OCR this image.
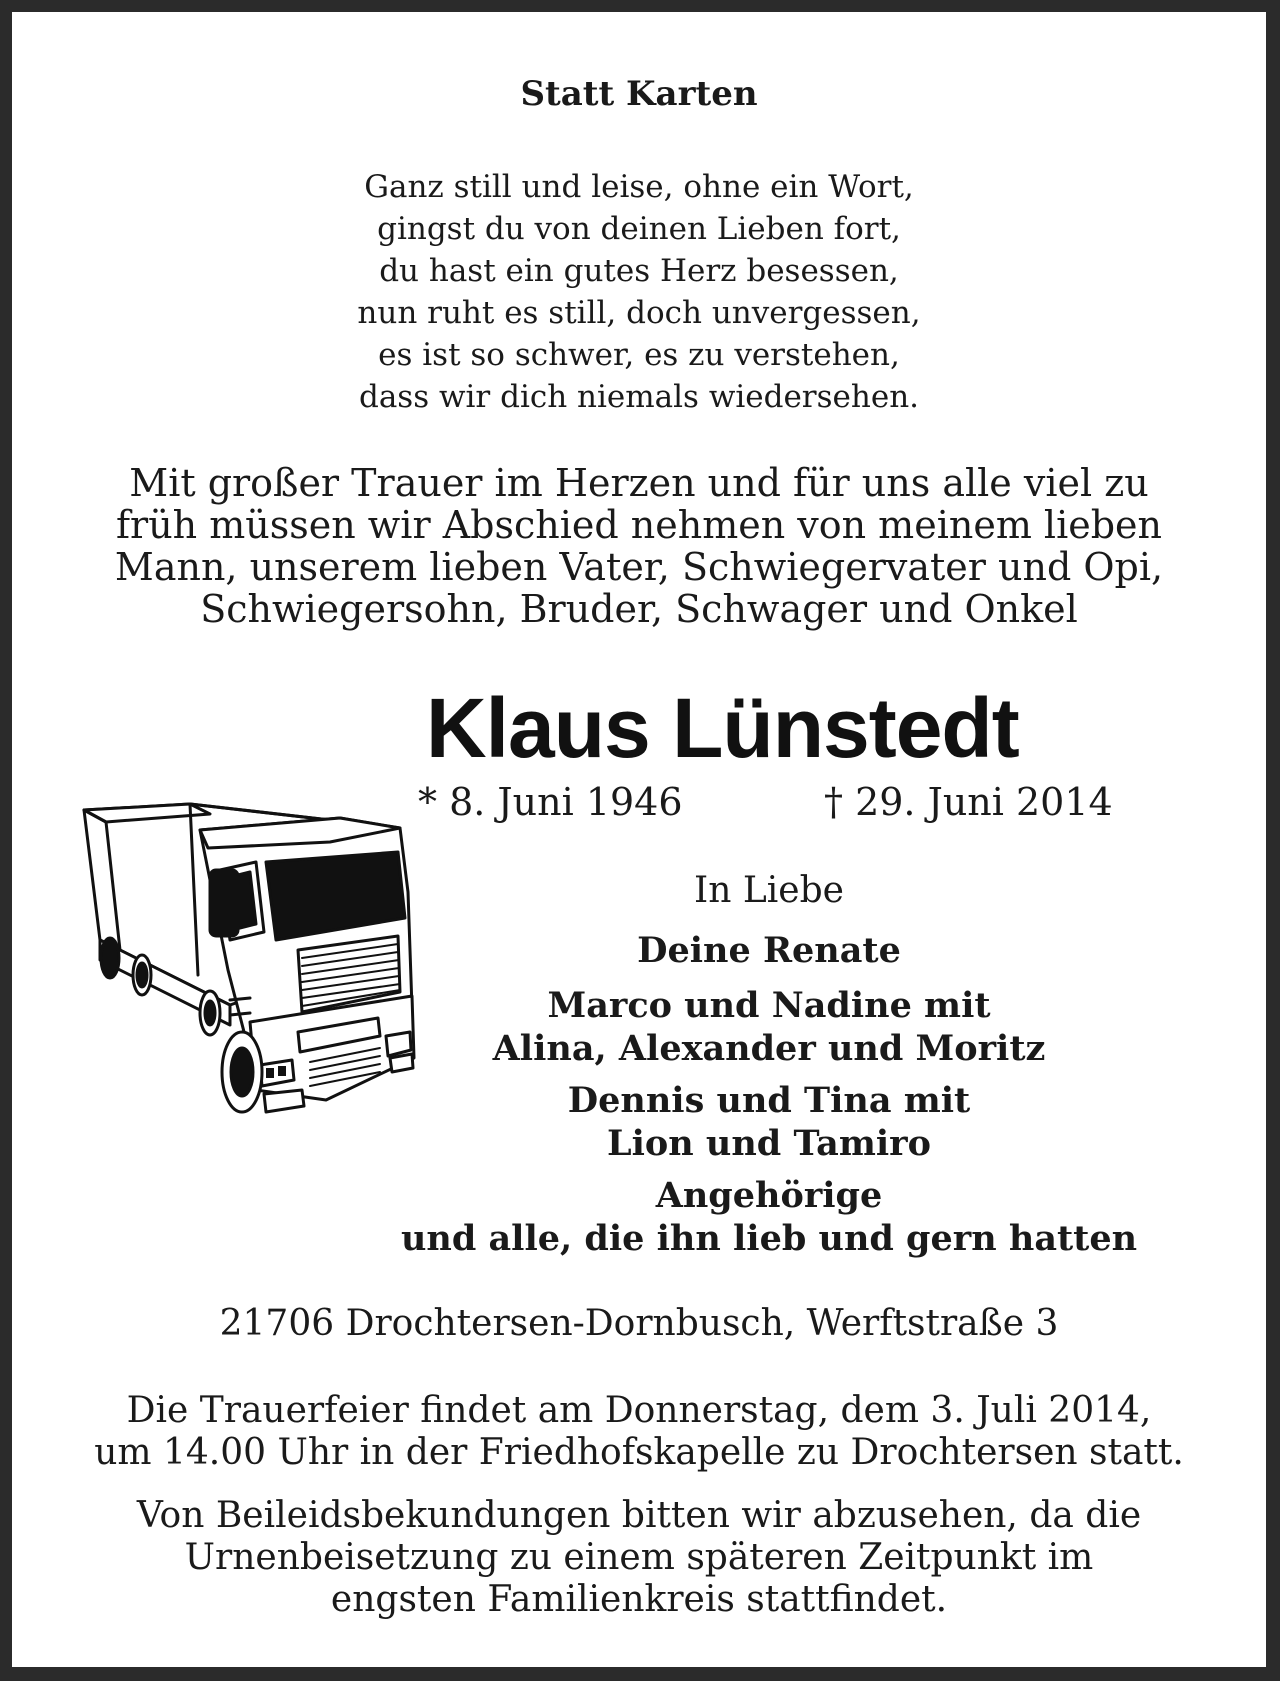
Statt Karten

Ganz still und leise, ohne ein Wort,
gingst du von deinen Lieben fort,
du hast ein gutes Herz besessen,
nun ruht es still, doch unvergessen,
es ist so schwer, es zu verstehen,
dass wir dich niemals wiedersehen.
Mit großer Trauer im Herzen und für uns alle viel zu
früh müssen wir Abschied nehmen von meinem lieben
Mann, unserem lieben Vater, Schwiegervater und Opi,
Schwiegersohn, Bruder, Schwager und Onkel

Klaus Lünstedt

* 8. Juni 1946	† 29. Juni 2014

In Liebe

Deine Renate

Marco und Nadine mit
Alina, Alexander und Moritz
Dennis und Tina mit
Lion und Tamiro
Angehörige
und alle, die ihn lieb und gern hatten

21706 Drochtersen-Dornbusch, Werftstraße 3

Die Trauerfeier findet am Donnerstag, dem 3. Juli 2014,
um 14.00 Uhr in der Friedhofskapelle zu Drochtersen statt.
Von Beileidsbekundungen bitten wir abzusehen, da die
Urnenbeisetzung zu einem späteren Zeitpunkt im
engsten Familienkreis stattfindet.
